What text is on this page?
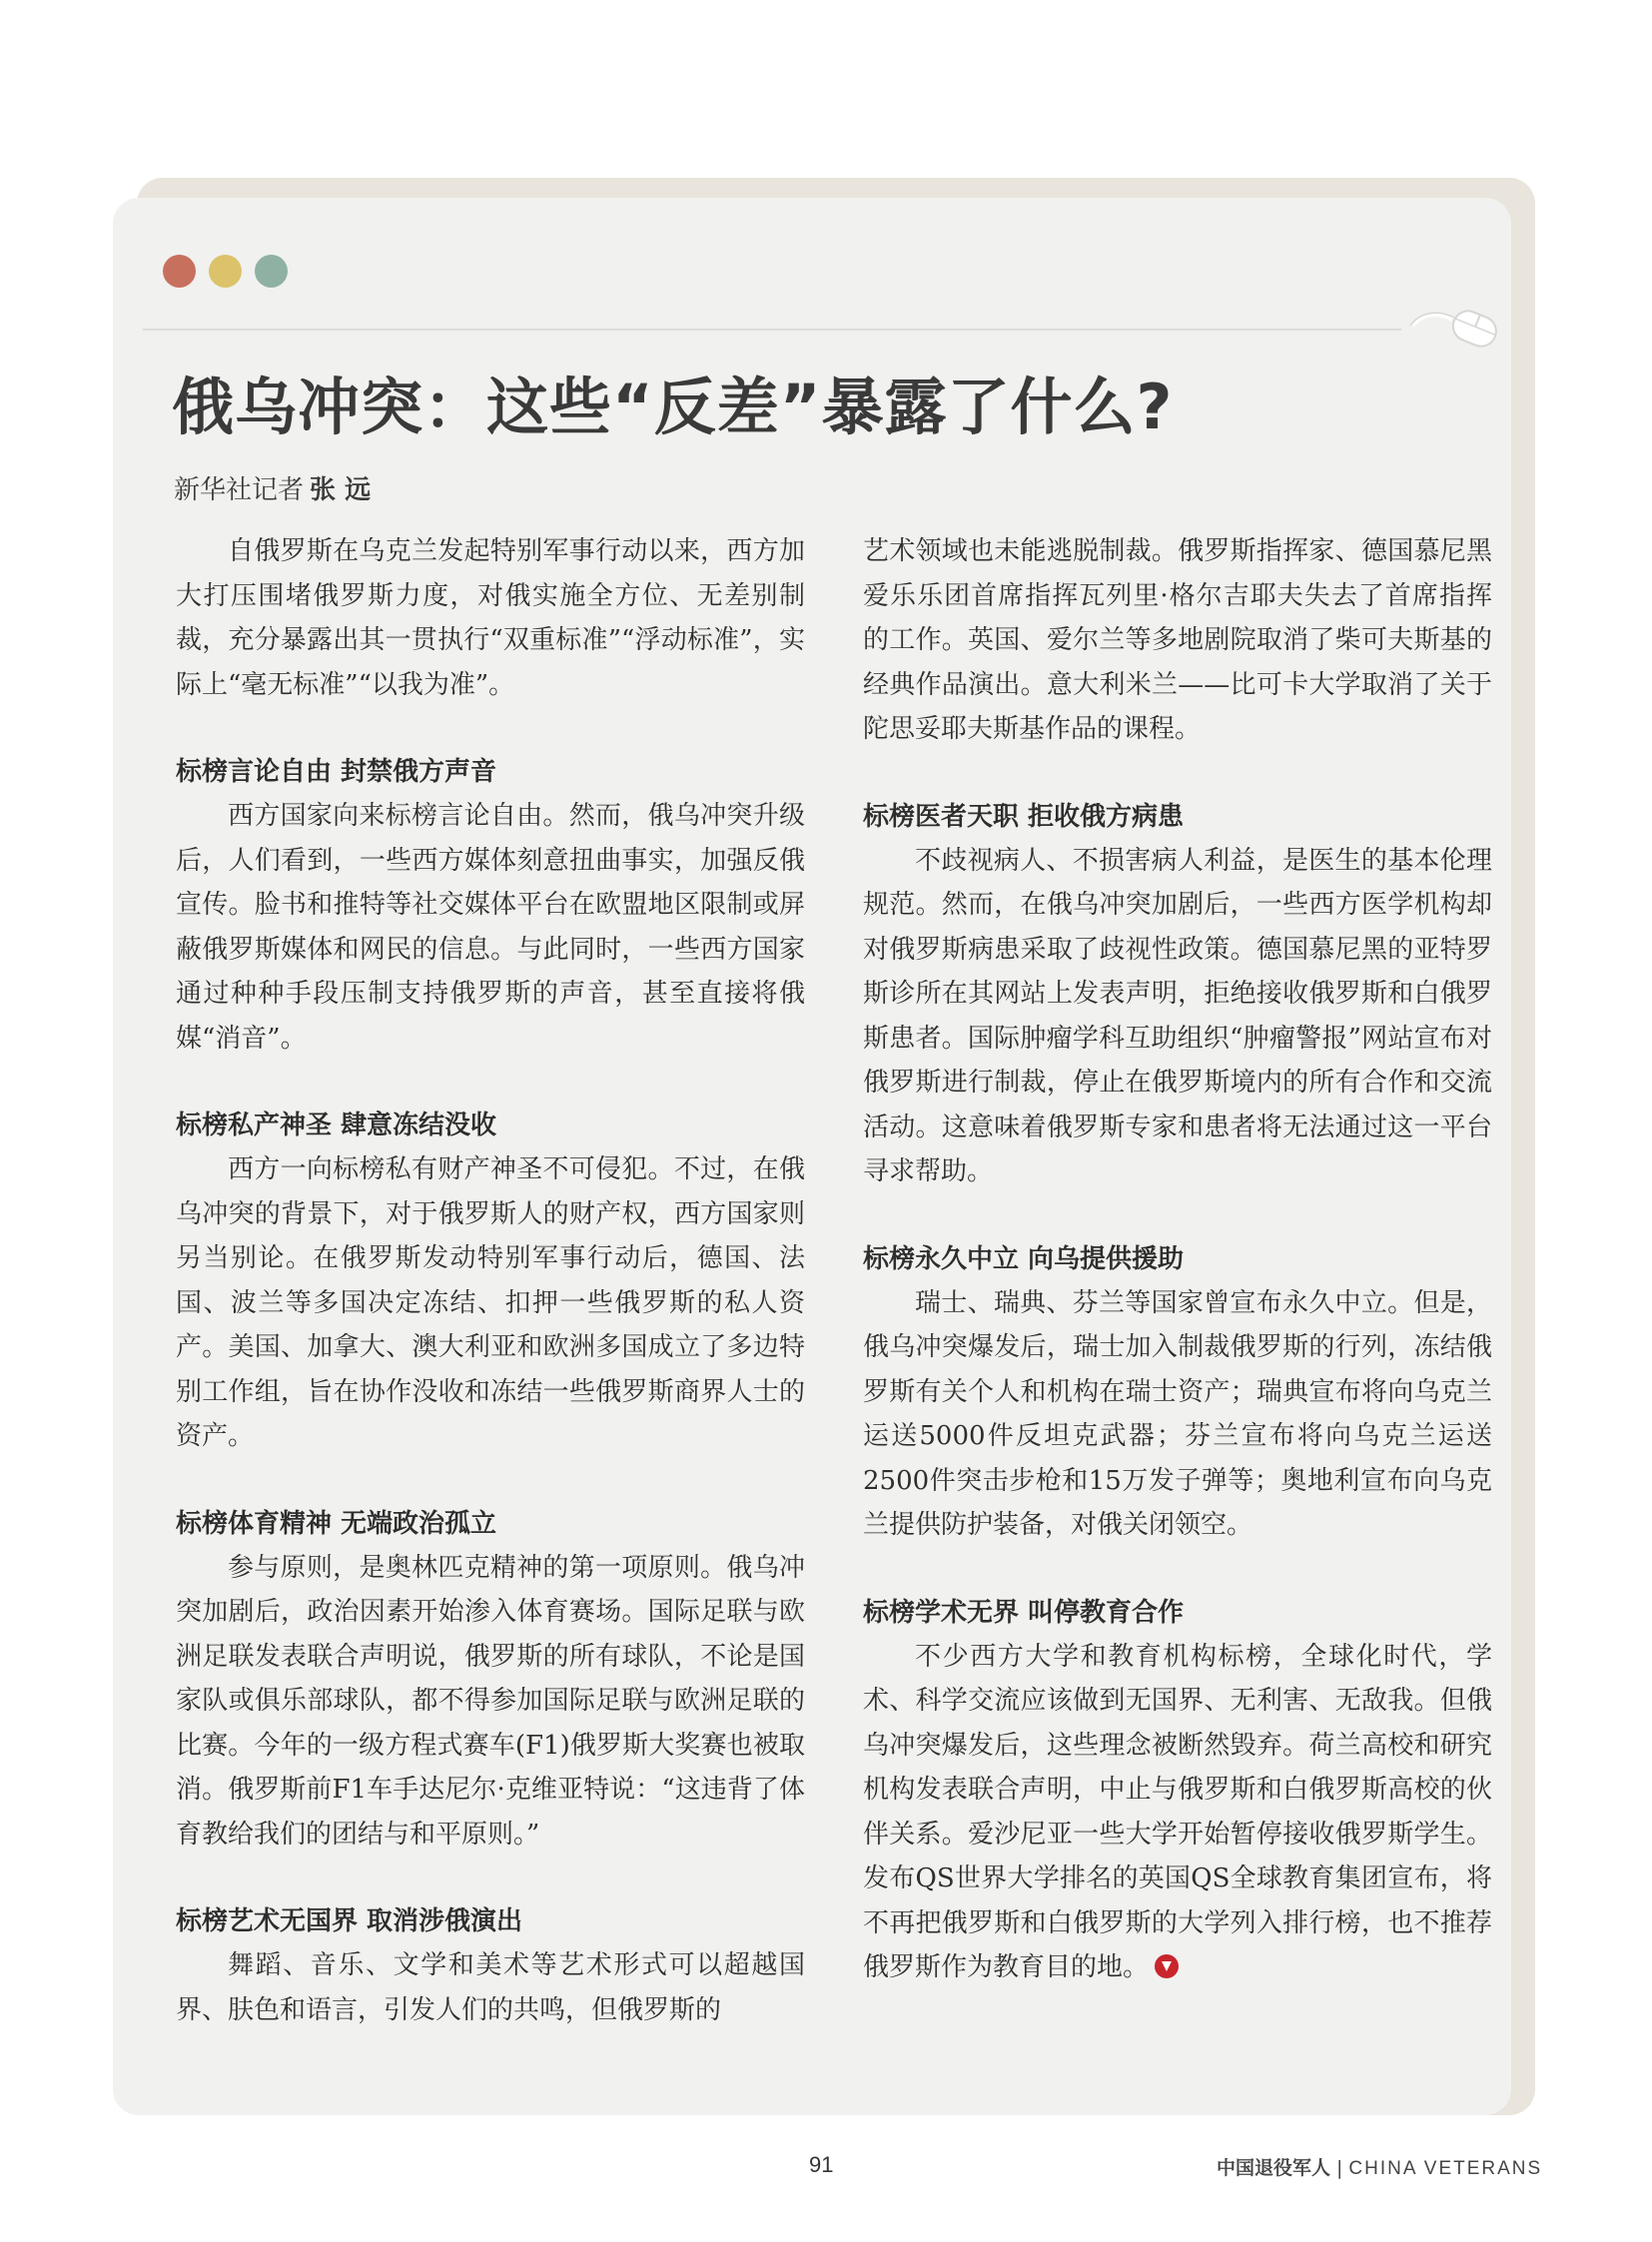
俄乌冲突：这些“反差”暴露了什么?
新华社记者 张 远

自俄罗斯在乌克兰发起特别军事行动以来，西方加大打压围堵俄罗斯力度，对俄实施全方位、无差别制裁，充分暴露出其一贯执行“双重标准”“浮动标准”，实际上“毫无标准”“以我为准”。

标榜言论自由 封禁俄方声音

西方国家向来标榜言论自由。然而，俄乌冲突升级后，人们看到，一些西方媒体刻意扭曲事实，加强反俄宣传。脸书和推特等社交媒体平台在欧盟地区限制或屏蔽俄罗斯媒体和网民的信息。与此同时，一些西方国家通过种种手段压制支持俄罗斯的声音，甚至直接将俄媒“消音”。

标榜私产神圣 肆意冻结没收

西方一向标榜私有财产神圣不可侵犯。不过，在俄乌冲突的背景下，对于俄罗斯人的财产权，西方国家则另当别论。在俄罗斯发动特别军事行动后，德国、法国、波兰等多国决定冻结、扣押一些俄罗斯的私人资产。美国、加拿大、澳大利亚和欧洲多国成立了多边特别工作组，旨在协作没收和冻结一些俄罗斯商界人士的资产。

标榜体育精神 无端政治孤立

参与原则，是奥林匹克精神的第一项原则。俄乌冲突加剧后，政治因素开始渗入体育赛场。国际足联与欧洲足联发表联合声明说，俄罗斯的所有球队，不论是国家队或俱乐部球队，都不得参加国际足联与欧洲足联的比赛。今年的一级方程式赛车(F1)俄罗斯大奖赛也被取消。俄罗斯前F1车手达尼尔·克维亚特说：“这违背了体育教给我们的团结与和平原则。”

标榜艺术无国界 取消涉俄演出

舞蹈、音乐、文学和美术等艺术形式可以超越国界、肤色和语言，引发人们的共鸣，但俄罗斯的

艺术领域也未能逃脱制裁。俄罗斯指挥家、德国慕尼黑爱乐乐团首席指挥瓦列里·格尔吉耶夫失去了首席指挥的工作。英国、爱尔兰等多地剧院取消了柴可夫斯基的经典作品演出。意大利米兰——比可卡大学取消了关于陀思妥耶夫斯基作品的课程。

标榜医者天职 拒收俄方病患

不歧视病人、不损害病人利益，是医生的基本伦理规范。然而，在俄乌冲突加剧后，一些西方医学机构却对俄罗斯病患采取了歧视性政策。德国慕尼黑的亚特罗斯诊所在其网站上发表声明，拒绝接收俄罗斯和白俄罗斯患者。国际肿瘤学科互助组织“肿瘤警报”网站宣布对俄罗斯进行制裁，停止在俄罗斯境内的所有合作和交流活动。这意味着俄罗斯专家和患者将无法通过这一平台寻求帮助。

标榜永久中立 向乌提供援助

瑞士、瑞典、芬兰等国家曾宣布永久中立。但是，俄乌冲突爆发后，瑞士加入制裁俄罗斯的行列，冻结俄罗斯有关个人和机构在瑞士资产；瑞典宣布将向乌克兰运送5000件反坦克武器；芬兰宣布将向乌克兰运送2500件突击步枪和15万发子弹等；奥地利宣布向乌克兰提供防护装备，对俄关闭领空。

标榜学术无界 叫停教育合作

不少西方大学和教育机构标榜，全球化时代，学术、科学交流应该做到无国界、无利害、无敌我。但俄乌冲突爆发后，这些理念被断然毁弃。荷兰高校和研究机构发表联合声明，中止与俄罗斯和白俄罗斯高校的伙伴关系。爱沙尼亚一些大学开始暂停接收俄罗斯学生。发布QS世界大学排名的英国QS全球教育集团宣布，将不再把俄罗斯和白俄罗斯的大学列入排行榜，也不推荐俄罗斯作为教育目的地。

91	中国退役军人 | CHINA VETERANS
